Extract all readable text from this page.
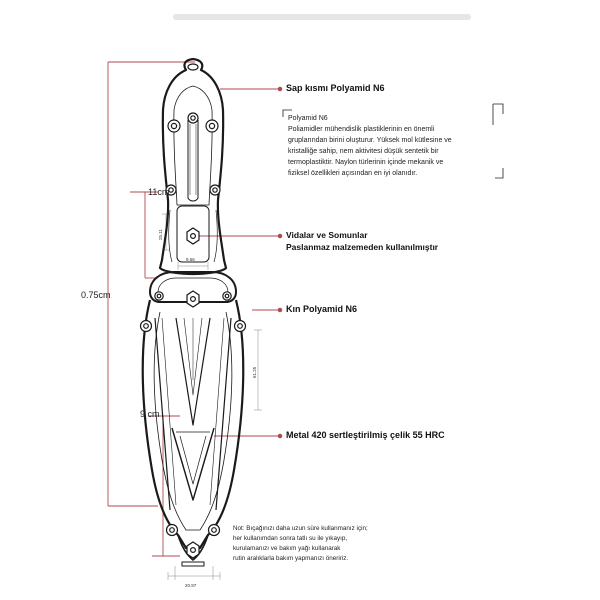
0.75cm
11cm
9 cm
25.11
9.56
61.25
20.97
Sap kısmı Polyamid N6
Vidalar ve Somunlar
Paslanmaz malzemeden kullanılmıştır
Kın Polyamid N6
Metal 420 sertleştirilmiş çelik 55 HRC
Polyamid N6
Poliamidler mühendislik plastiklerinin en önemli
gruplarından birini oluşturur. Yüksek mol kütlesine ve
kristalliğe sahip, nem aktivitesi düşük sentetik bir
termoplastiktir. Naylon türlerinin içinde mekanik ve
fiziksel özellikleri açısından en iyi olanıdır.
Not: Bıçağınızı daha uzun süre kullanmanız için;
her kullanımdan sonra tatlı su ile yıkayıp,
kurulamanızı ve bakım yağı kullanarak
rutin aralıklarla bakım yapmanızı öneririz.
